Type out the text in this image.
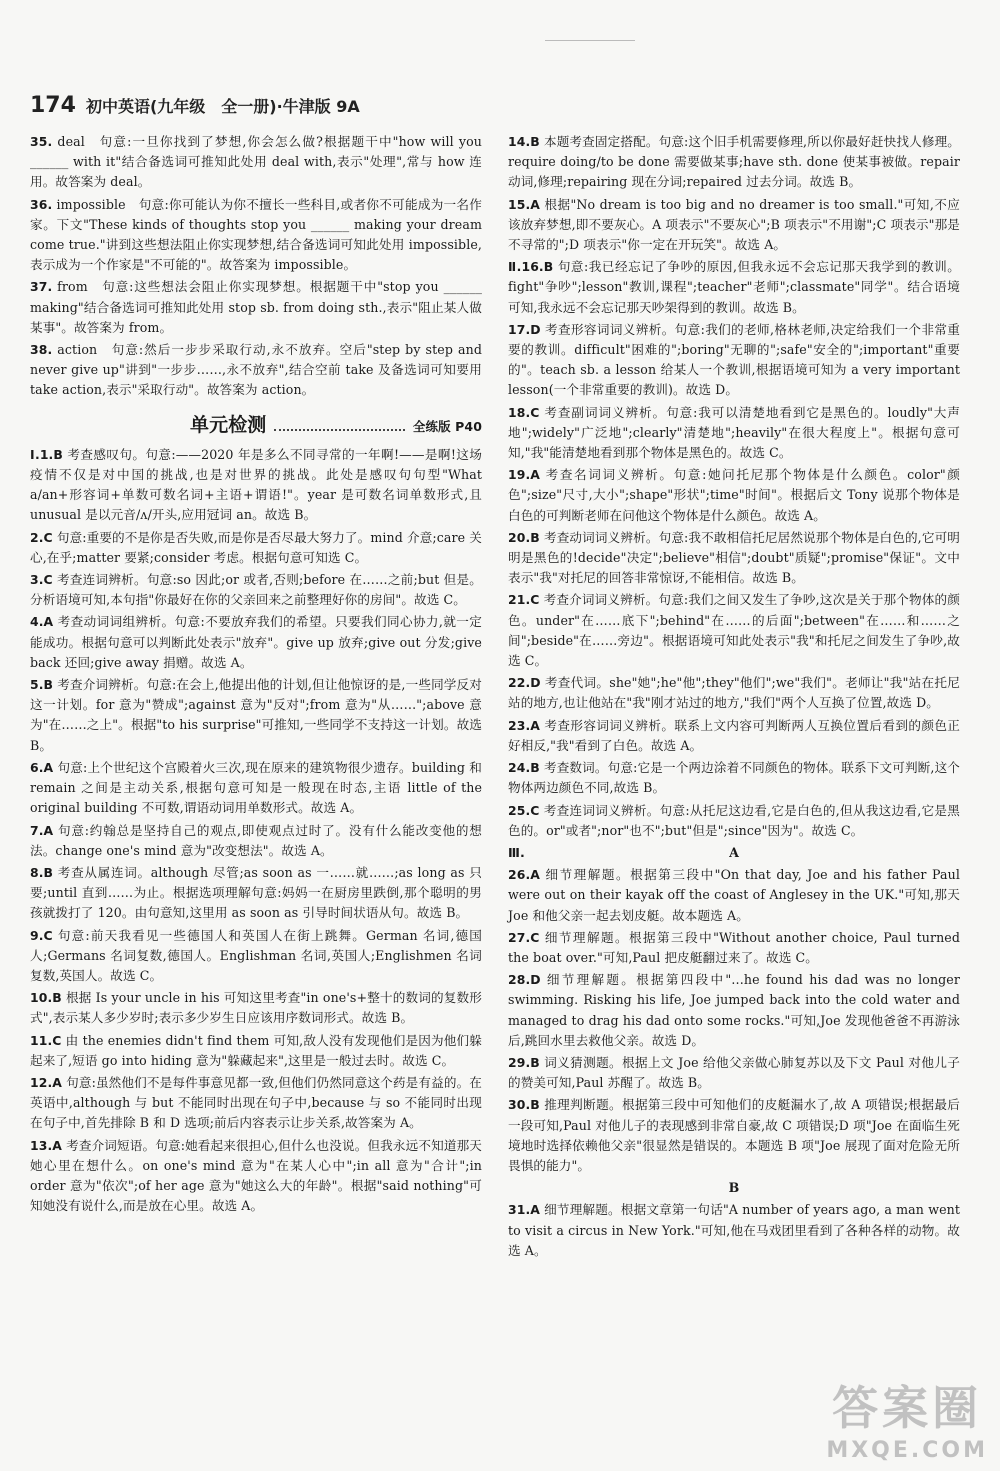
174 初中英语(九年级　全一册)·牛津版 9A
35. deal　句意:一旦你找到了梦想,你会怎么做?根据题干中"how will you ______ with it"结合备选词可推知此处用 deal with,表示"处理",常与 how 连用。故答案为 deal。
36. impossible　句意:你可能认为你不擅长一些科目,或者你不可能成为一名作家。下文"These kinds of thoughts stop you ______ making your dream come true."讲到这些想法阻止你实现梦想,结合备选词可知此处用 impossible,表示成为一个作家是"不可能的"。故答案为 impossible。
37. from　句意:这些想法会阻止你实现梦想。根据题干中"stop you ______ making"结合备选词可推知此处用 stop sb. from doing sth.,表示"阻止某人做某事"。故答案为 from。
38. action　句意:然后一步步采取行动,永不放弃。空后"step by step and never give up"讲到"一步步……,永不放弃",结合空前 take 及备选词可知要用 take action,表示"采取行动"。故答案为 action。
单元检测	全练版 P40
Ⅰ.1.B 考查感叹句。句意:——2020 年是多么不同寻常的一年啊!——是啊!这场疫情不仅是对中国的挑战,也是对世界的挑战。此处是感叹句句型"What a/an+形容词+单数可数名词+主语+谓语!"。year 是可数名词单数形式,且 unusual 是以元音/ʌ/开头,应用冠词 an。故选 B。
2.C 句意:重要的不是你是否失败,而是你是否尽最大努力了。mind 介意;care 关心,在乎;matter 要紧;consider 考虑。根据句意可知选 C。
3.C 考查连词辨析。句意:so 因此;or 或者,否则;before 在……之前;but 但是。分析语境可知,本句指"你最好在你的父亲回来之前整理好你的房间"。故选 C。
4.A 考查动词词组辨析。句意:不要放弃我们的希望。只要我们同心协力,就一定能成功。根据句意可以判断此处表示"放弃"。give up 放弃;give out 分发;give back 还回;give away 捐赠。故选 A。
5.B 考查介词辨析。句意:在会上,他提出他的计划,但让他惊讶的是,一些同学反对这一计划。for 意为"赞成";against 意为"反对";from 意为"从……";above 意为"在……之上"。根据"to his surprise"可推知,一些同学不支持这一计划。故选 B。
6.A 句意:上个世纪这个宫殿着火三次,现在原来的建筑物很少遗存。building 和 remain 之间是主动关系,根据句意可知是一般现在时态,主语 little of the original building 不可数,谓语动词用单数形式。故选 A。
7.A 句意:约翰总是坚持自己的观点,即使观点过时了。没有什么能改变他的想法。change one's mind 意为"改变想法"。故选 A。
8.B 考查从属连词。although 尽管;as soon as 一……就……;as long as 只要;until 直到……为止。根据选项理解句意:妈妈一在厨房里跌倒,那个聪明的男孩就拨打了 120。由句意知,这里用 as soon as 引导时间状语从句。故选 B。
9.C 句意:前天我看见一些德国人和英国人在街上跳舞。German 名词,德国人;Germans 名词复数,德国人。Englishman 名词,英国人;Englishmen 名词复数,英国人。故选 C。
10.B 根据 Is your uncle in his 可知这里考查"in one's+整十的数词的复数形式",表示某人多少岁时;表示多少岁生日应该用序数词形式。故选 B。
11.C 由 the enemies didn't find them 可知,敌人没有发现他们是因为他们躲起来了,短语 go into hiding 意为"躲藏起来",这里是一般过去时。故选 C。
12.A 句意:虽然他们不是每件事意见都一致,但他们仍然同意这个药是有益的。在英语中,although 与 but 不能同时出现在句子中,because 与 so 不能同时出现在句子中,首先排除 B 和 D 选项;前后内容表示让步关系,故答案为 A。
13.A 考查介词短语。句意:她看起来很担心,但什么也没说。但我永远不知道那天她心里在想什么。on one's mind 意为"在某人心中";in all 意为"合计";in order 意为"依次";of her age 意为"她这么大的年龄"。根据"said nothing"可知她没有说什么,而是放在心里。故选 A。
14.B 本题考查固定搭配。句意:这个旧手机需要修理,所以你最好赶快找人修理。require doing/to be done 需要做某事;have sth. done 使某事被做。repair 动词,修理;repairing 现在分词;repaired 过去分词。故选 B。
15.A 根据"No dream is too big and no dreamer is too small."可知,不应该放弃梦想,即不要灰心。A 项表示"不要灰心";B 项表示"不用谢";C 项表示"那是不寻常的";D 项表示"你一定在开玩笑"。故选 A。
Ⅱ.16.B 句意:我已经忘记了争吵的原因,但我永远不会忘记那天我学到的教训。fight"争吵";lesson"教训,课程";teacher"老师";classmate"同学"。结合语境可知,我永远不会忘记那天吵架得到的教训。故选 B。
17.D 考查形容词词义辨析。句意:我们的老师,格林老师,决定给我们一个非常重要的教训。difficult"困难的";boring"无聊的";safe"安全的";important"重要的"。teach sb. a lesson 给某人一个教训,根据语境可知为 a very important lesson(一个非常重要的教训)。故选 D。
18.C 考查副词词义辨析。句意:我可以清楚地看到它是黑色的。loudly"大声地";widely"广泛地";clearly"清楚地";heavily"在很大程度上"。根据句意可知,"我"能清楚地看到那个物体是黑色的。故选 C。
19.A 考查名词词义辨析。句意:她问托尼那个物体是什么颜色。color"颜色";size"尺寸,大小";shape"形状";time"时间"。根据后文 Tony 说那个物体是白色的可判断老师在问他这个物体是什么颜色。故选 A。
20.B 考查动词词义辨析。句意:我不敢相信托尼居然说那个物体是白色的,它可明明是黑色的!decide"决定";believe"相信";doubt"质疑";promise"保证"。文中表示"我"对托尼的回答非常惊讶,不能相信。故选 B。
21.C 考查介词词义辨析。句意:我们之间又发生了争吵,这次是关于那个物体的颜色。under"在……底下";behind"在……的后面";between"在……和……之间";beside"在……旁边"。根据语境可知此处表示"我"和托尼之间发生了争吵,故选 C。
22.D 考查代词。she"她";he"他";they"他们";we"我们"。老师让"我"站在托尼站的地方,也让他站在"我"刚才站过的地方,"我们"两个人互换了位置,故选 D。
23.A 考查形容词词义辨析。联系上文内容可判断两人互换位置后看到的颜色正好相反,"我"看到了白色。故选 A。
24.B 考查数词。句意:它是一个两边涂着不同颜色的物体。联系下文可判断,这个物体两边颜色不同,故选 B。
25.C 考查连词词义辨析。句意:从托尼这边看,它是白色的,但从我这边看,它是黑色的。or"或者";nor"也不";but"但是";since"因为"。故选 C。
Ⅲ.	A
26.A 细节理解题。根据第三段中"On that day, Joe and his father Paul were out on their kayak off the coast of Anglesey in the UK."可知,那天 Joe 和他父亲一起去划皮艇。故本题选 A。
27.C 细节理解题。根据第三段中"Without another choice, Paul turned the boat over."可知,Paul 把皮艇翻过来了。故选 C。
28.D 细节理解题。根据第四段中"…he found his dad was no longer swimming. Risking his life, Joe jumped back into the cold water and managed to drag his dad onto some rocks."可知,Joe 发现他爸爸不再游泳后,跳回水里去救他父亲。故选 D。
29.B 词义猜测题。根据上文 Joe 给他父亲做心肺复苏以及下文 Paul 对他儿子的赞美可知,Paul 苏醒了。故选 B。
30.B 推理判断题。根据第三段中可知他们的皮艇漏水了,故 A 项错误;根据最后一段可知,Paul 对他儿子的表现感到非常自豪,故 C 项错误;D 项"Joe 在面临生死境地时选择依赖他父亲"很显然是错误的。本题选 B 项"Joe 展现了面对危险无所畏惧的能力"。
B
31.A 细节理解题。根据文章第一句话"A number of years ago, a man went to visit a circus in New York."可知,他在马戏团里看到了各种各样的动物。故选 A。
答案圈
MXQE.COM
